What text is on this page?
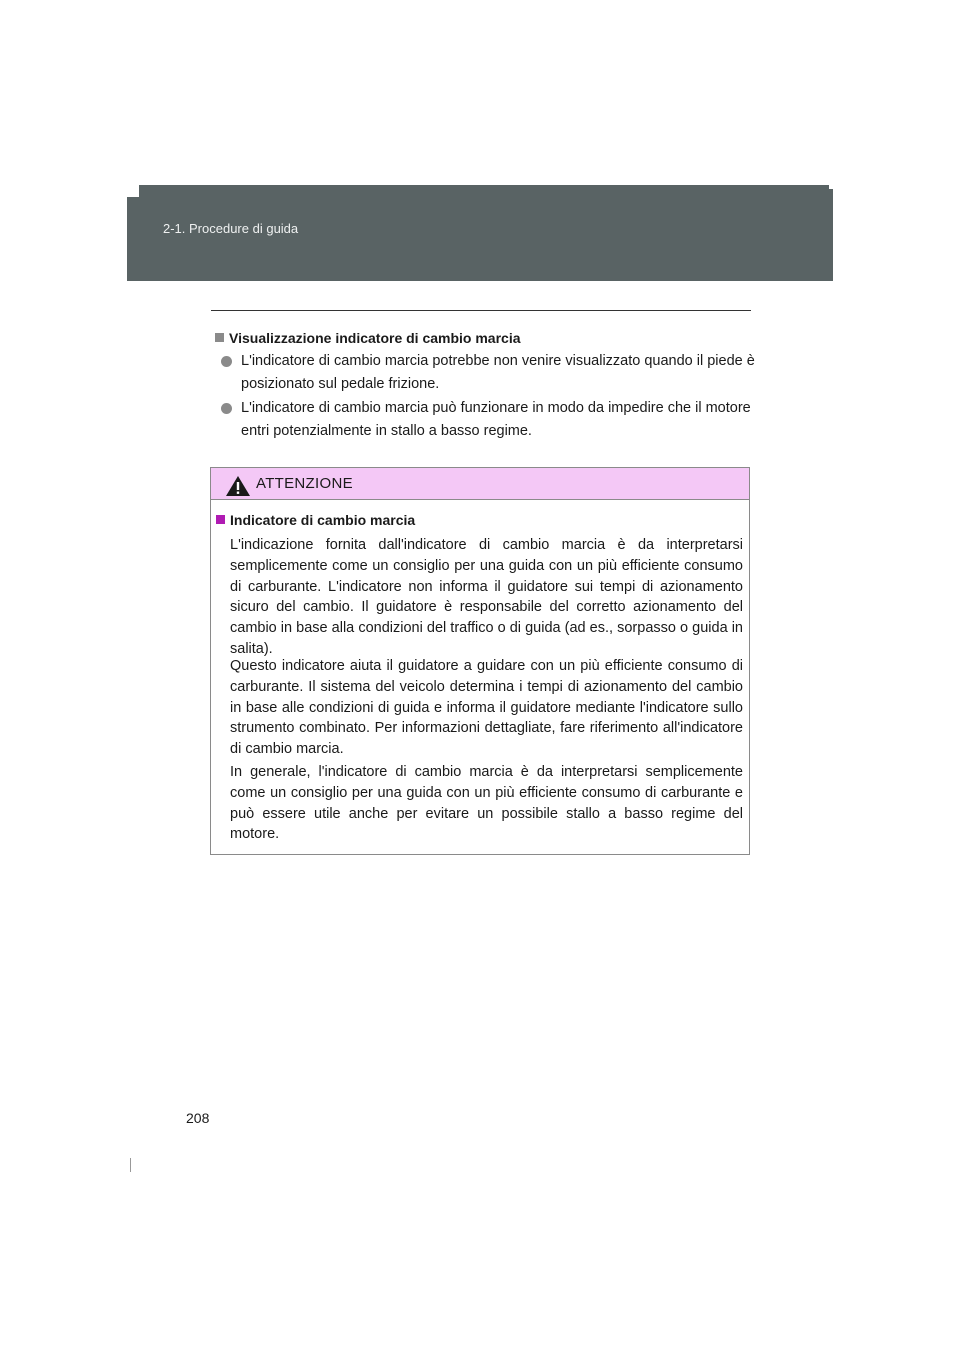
2-1. Procedure di guida
Visualizzazione indicatore di cambio marcia
L'indicatore di cambio marcia potrebbe non venire visualizzato quando il piede è posizionato sul pedale frizione.
L'indicatore di cambio marcia può funzionare in modo da impedire che il motore entri potenzialmente in stallo a basso regime.
ATTENZIONE
Indicatore di cambio marcia
L'indicazione fornita dall'indicatore di cambio marcia è da interpretarsi semplicemente come un consiglio per una guida con un più efficiente consumo di carburante. L'indicatore non informa il guidatore sui tempi di azionamento sicuro del cambio. Il guidatore è responsabile del corretto azionamento del cambio in base alla condizioni del traffico o di guida (ad es., sorpasso o guida in salita).
Questo indicatore aiuta il guidatore a guidare con un più efficiente consumo di carburante. Il sistema del veicolo determina i tempi di azionamento del cambio in base alle condizioni di guida e informa il guidatore mediante l'indicatore sullo strumento combinato. Per informazioni dettagliate, fare riferimento all'indicatore di cambio marcia.
In generale, l'indicatore di cambio marcia è da interpretarsi semplicemente come un consiglio per una guida con un più efficiente consumo di carburante e può essere utile anche per evitare un possibile stallo a basso regime del motore.
208
